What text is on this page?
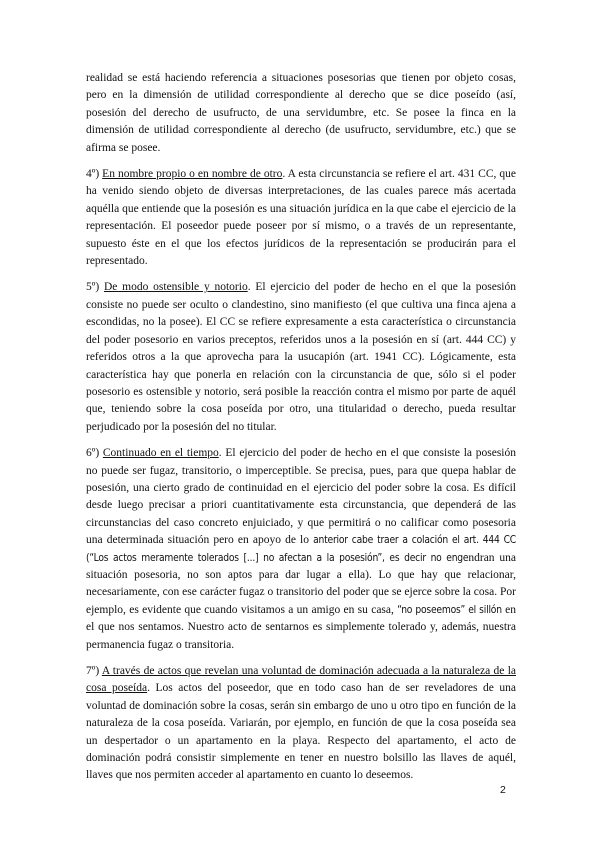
realidad se está haciendo referencia a situaciones posesorias que tienen por objeto cosas, pero en la dimensión de utilidad correspondiente al derecho que se dice poseído (así, posesión del derecho de usufructo, de una servidumbre, etc. Se posee la finca en la dimensión de utilidad correspondiente al derecho (de usufructo, servidumbre, etc.) que se afirma se posee.

4º) En nombre propio o en nombre de otro. A esta circunstancia se refiere el art. 431 CC, que ha venido siendo objeto de diversas interpretaciones, de las cuales parece más acertada aquélla que entiende que la posesión es una situación jurídica en la que cabe el ejercicio de la representación. El poseedor puede poseer por sí mismo, o a través de un representante, supuesto éste en el que los efectos jurídicos de la representación se producirán para el representado.

5º) De modo ostensible y notorio. El ejercicio del poder de hecho en el que la posesión consiste no puede ser oculto o clandestino, sino manifiesto (el que cultiva una finca ajena a escondidas, no la posee). El CC se refiere expresamente a esta característica o circunstancia del poder posesorio en varios preceptos, referidos unos a la posesión en sí (art. 444 CC) y referidos otros a la que aprovecha para la usucapión (art. 1941 CC). Lógicamente, esta característica hay que ponerla en relación con la circunstancia de que, sólo si el poder posesorio es ostensible y notorio, será posible la reacción contra el mismo por parte de aquél que, teniendo sobre la cosa poseída por otro, una titularidad o derecho, pueda resultar perjudicado por la posesión del no titular.

6º) Continuado en el tiempo. El ejercicio del poder de hecho en el que consiste la posesión no puede ser fugaz, transitorio, o imperceptible. Se precisa, pues, para que quepa hablar de posesión, una cierto grado de continuidad en el ejercicio del poder sobre la cosa. Es difícil desde luego precisar a priori cuantitativamente esta circunstancia, que dependerá de las circunstancias del caso concreto enjuiciado, y que permitirá o no calificar como posesoria una determinada situación pero en apoyo de lo anterior cabe traer a colación el art. 444 CC (“Los actos meramente tolerados [...] no afectan a la posesión”, es decir no engendran una situación posesoria, no son aptos para dar lugar a ella). Lo que hay que relacionar, necesariamente, con ese carácter fugaz o transitorio del poder que se ejerce sobre la cosa. Por ejemplo, es evidente que cuando visitamos a un amigo en su casa, “no poseemos” el sillón en el que nos sentamos. Nuestro acto de sentarnos es simplemente tolerado y, además, nuestra permanencia fugaz o transitoria.

7º) A través de actos que revelan una voluntad de dominación adecuada a la naturaleza de la cosa poseída. Los actos del poseedor, que en todo caso han de ser reveladores de una voluntad de dominación sobre la cosas, serán sin embargo de uno u otro tipo en función de la naturaleza de la cosa poseída. Variarán, por ejemplo, en función de que la cosa poseída sea un despertador o un apartamento en la playa. Respecto del apartamento, el acto de dominación podrá consistir simplemente en tener en nuestro bolsillo las llaves de aquél, llaves que nos permiten acceder al apartamento en cuanto lo deseemos.

2
